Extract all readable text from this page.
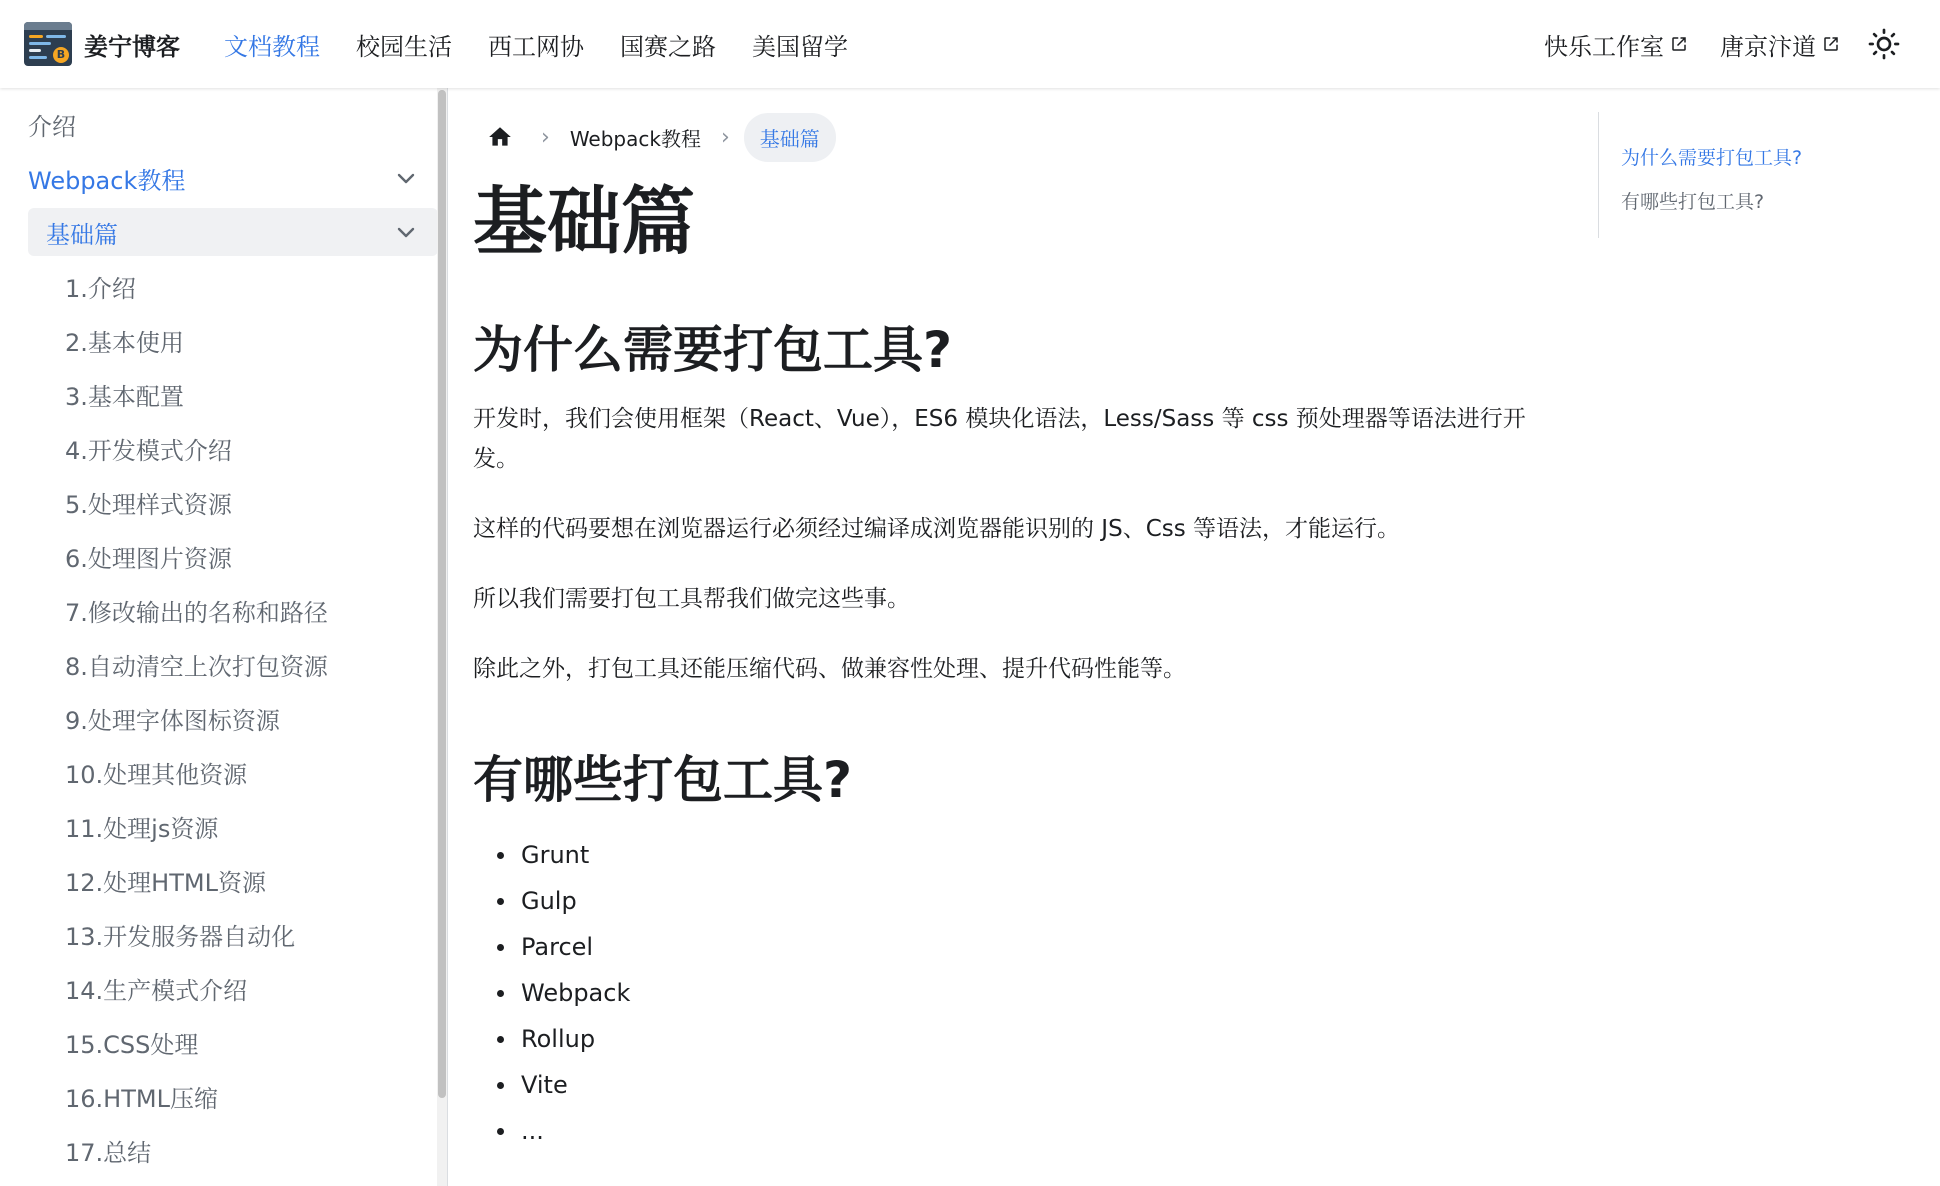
B 姜宁博客	文档教程	校园生活	西工网协	国赛之路	美国留学	快乐工作室 唐京汴道
介绍
Webpack教程
基础篇
1.介绍
2.基本使用
3.基本配置
4.开发模式介绍
5.处理样式资源
6.处理图片资源
7.修改输出的名称和路径
8.自动清空上次打包资源
9.处理字体图标资源
10.处理其他资源
11.处理js资源
12.处理HTML资源
13.开发服务器自动化
14.生产模式介绍
15.CSS处理
16.HTML压缩
17.总结
›	Webpack教程 ›	基础篇
基础篇
为什么需要打包工具?

开发时，我们会使用框架（React、Vue），ES6 模块化语法，Less/Sass 等 css 预处理器等语法进行开发。

这样的代码要想在浏览器运行必须经过编译成浏览器能识别的 JS、Css 等语法，才能运行。

所以我们需要打包工具帮我们做完这些事。

除此之外，打包工具还能压缩代码、做兼容性处理、提升代码性能等。

有哪些打包工具?
Grunt
Gulp
Parcel
Webpack
Rollup
Vite
...
为什么需要打包工具?
有哪些打包工具?
